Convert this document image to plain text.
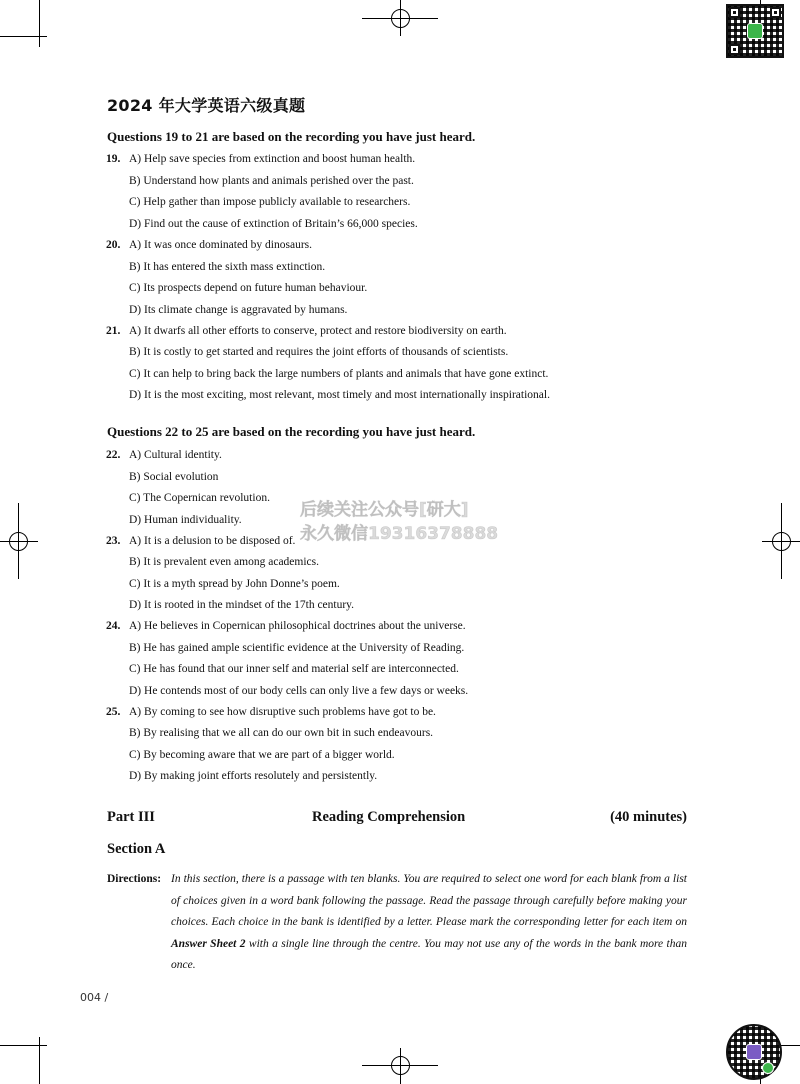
2024 年大学英语六级真题
Questions 19 to 21 are based on the recording you have just heard.
19. A) Help save species from extinction and boost human health.
B) Understand how plants and animals perished over the past.
C) Help gather than impose publicly available to researchers.
D) Find out the cause of extinction of Britain’s 66,000 species.
20. A) It was once dominated by dinosaurs.
B) It has entered the sixth mass extinction.
C) Its prospects depend on future human behaviour.
D) Its climate change is aggravated by humans.
21. A) It dwarfs all other efforts to conserve, protect and restore biodiversity on earth.
B) It is costly to get started and requires the joint efforts of thousands of scientists.
C) It can help to bring back the large numbers of plants and animals that have gone extinct.
D) It is the most exciting, most relevant, most timely and most internationally inspirational.
Questions 22 to 25 are based on the recording you have just heard.
22. A) Cultural identity.
B) Social evolution
C) The Copernican revolution.
D) Human individuality.
23. A) It is a delusion to be disposed of.
B) It is prevalent even among academics.
C) It is a myth spread by John Donne’s poem.
D) It is rooted in the mindset of the 17th century.
24. A) He believes in Copernican philosophical doctrines about the universe.
B) He has gained ample scientific evidence at the University of Reading.
C) He has found that our inner self and material self are interconnected.
D) He contends most of our body cells can only live a few days or weeks.
25. A) By coming to see how disruptive such problems have got to be.
B) By realising that we all can do our own bit in such endeavours.
C) By becoming aware that we are part of a bigger world.
D) By making joint efforts resolutely and persistently.
后续关注公众号[研大]
永久微信19316378888
Part III	Reading Comprehension	(40 minutes)
Section A
Directions: In this section, there is a passage with ten blanks. You are required to select one word for each blank from a list of choices given in a word bank following the passage. Read the passage through carefully before making your choices. Each choice in the bank is identified by a letter. Please mark the corresponding letter for each item on Answer Sheet 2 with a single line through the centre. You may not use any of the words in the bank more than once.
004 /
